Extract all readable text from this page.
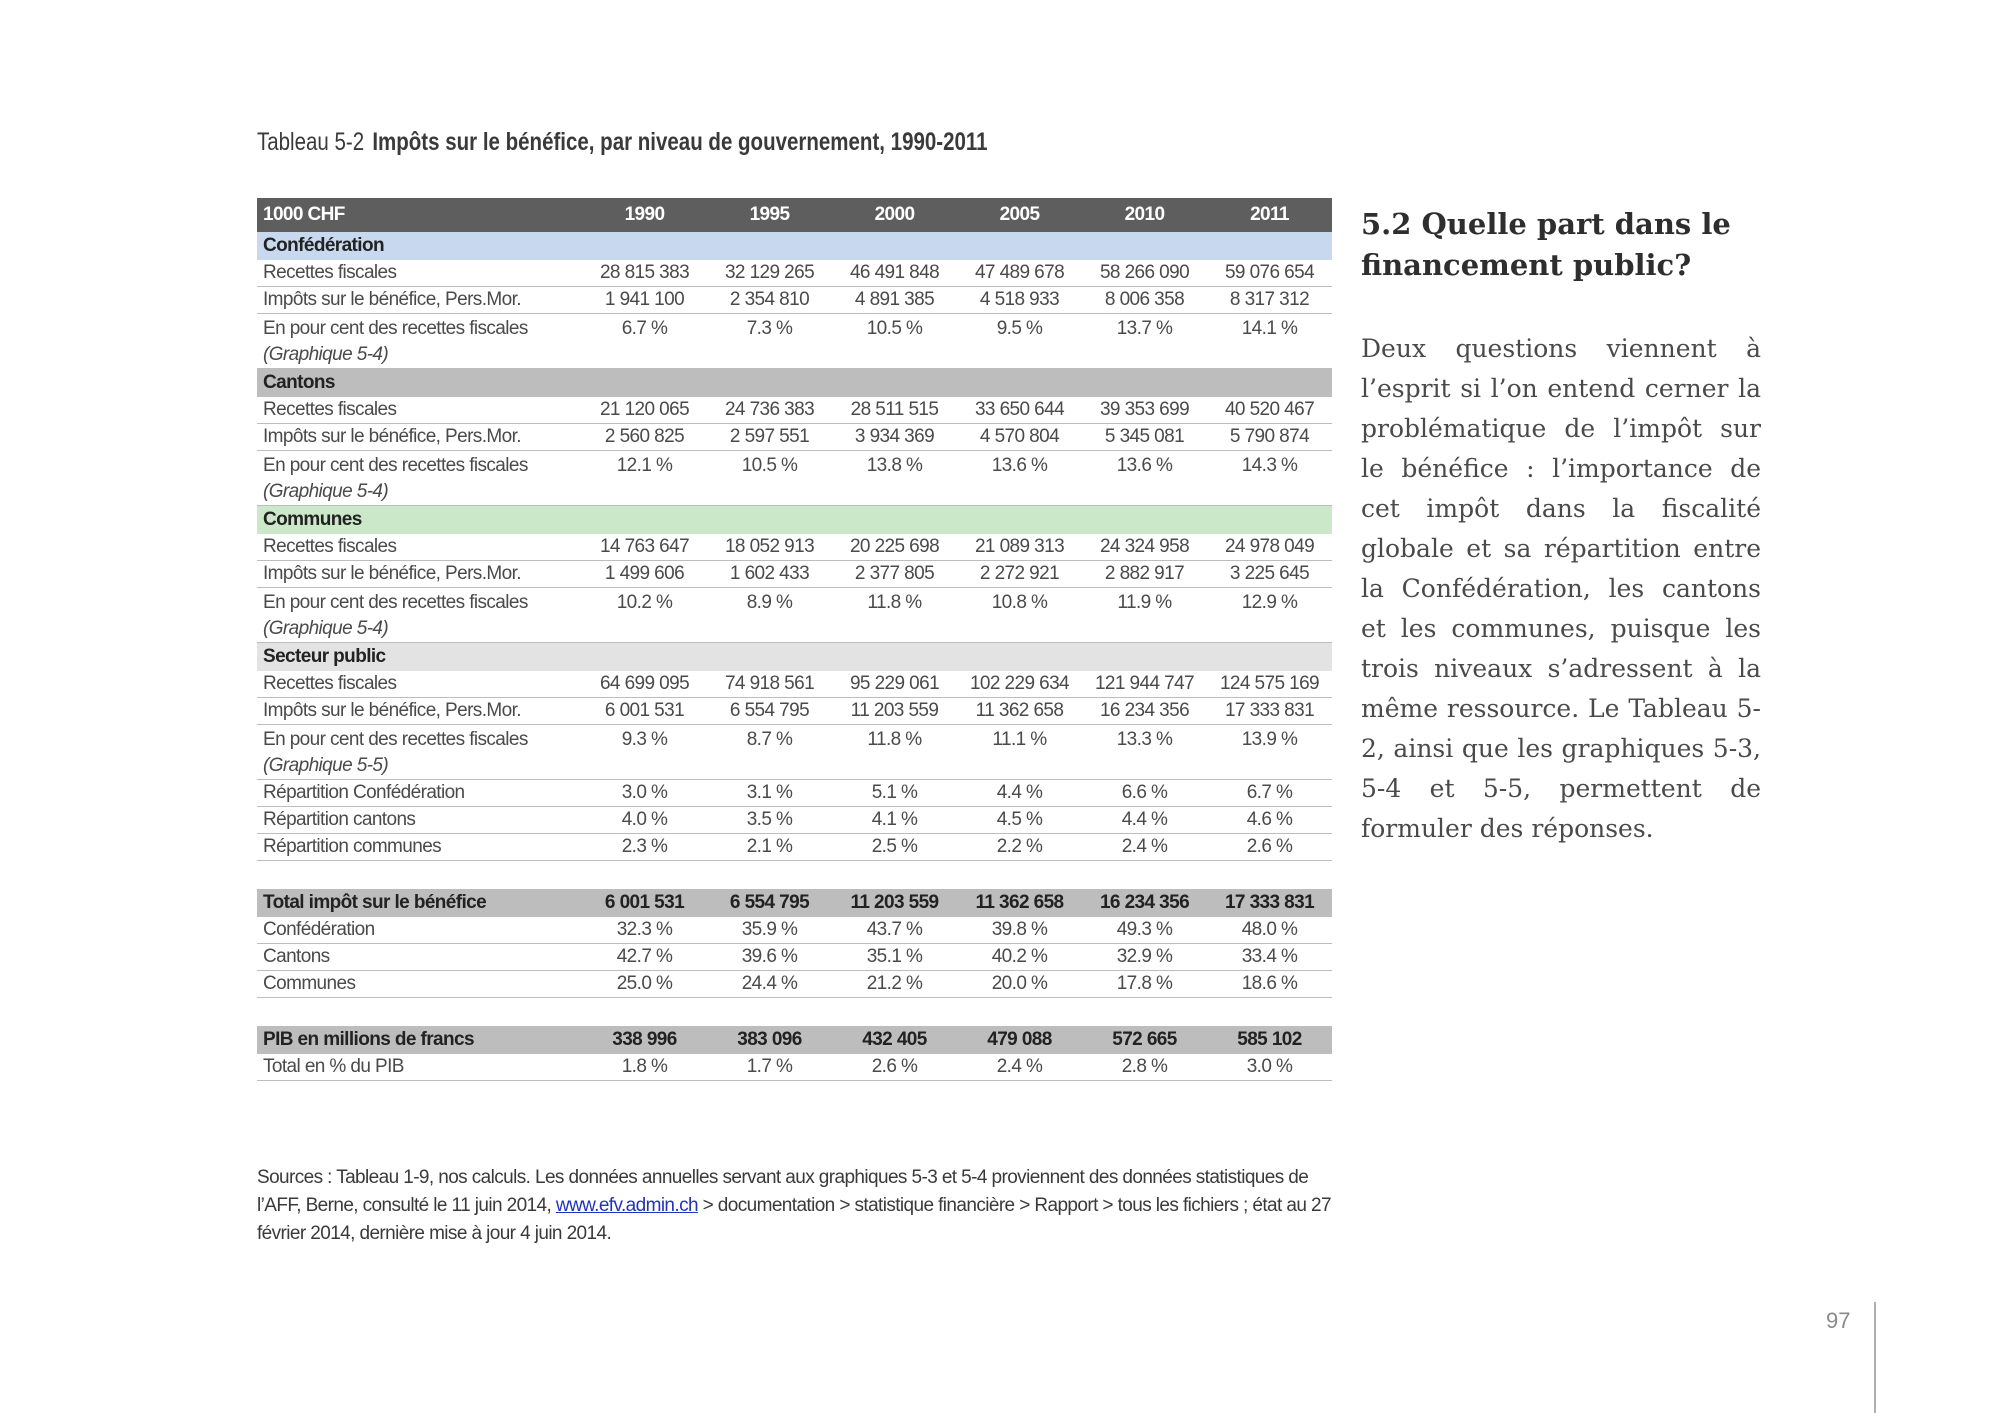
Tableau 5-2 Impôts sur le bénéfice, par niveau de gouvernement, 1990-2011
1000 CHF	1990	1995	2000	2005	2010	2011
Confédération						
Recettes fiscales	28 815 383	32 129 265	46 491 848	47 489 678	58 266 090	59 076 654
Impôts sur le bénéfice, Pers.Mor.	1 941 100	2 354 810	4 891 385	4 518 933	8 006 358	8 317 312
En pour cent des recettes fiscales
(Graphique 5-4)	6.7 %	7.3 %	10.5 %	9.5 %	13.7 %	14.1 %
Cantons						
Recettes fiscales	21 120 065	24 736 383	28 511 515	33 650 644	39 353 699	40 520 467
Impôts sur le bénéfice, Pers.Mor.	2 560 825	2 597 551	3 934 369	4 570 804	5 345 081	5 790 874
En pour cent des recettes fiscales
(Graphique 5-4)	12.1 %	10.5 %	13.8 %	13.6 %	13.6 %	14.3 %
Communes						
Recettes fiscales	14 763 647	18 052 913	20 225 698	21 089 313	24 324 958	24 978 049
Impôts sur le bénéfice, Pers.Mor.	1 499 606	1 602 433	2 377 805	2 272 921	2 882 917	3 225 645
En pour cent des recettes fiscales
(Graphique 5-4)	10.2 %	8.9 %	11.8 %	10.8 %	11.9 %	12.9 %
Secteur public						
Recettes fiscales	64 699 095	74 918 561	95 229 061	102 229 634	121 944 747	124 575 169
Impôts sur le bénéfice, Pers.Mor.	6 001 531	6 554 795	11 203 559	11 362 658	16 234 356	17 333 831
En pour cent des recettes fiscales
(Graphique 5-5)	9.3 %	8.7 %	11.8 %	11.1 %	13.3 %	13.9 %
Répartition Confédération	3.0 %	3.1 %	5.1 %	4.4 %	6.6 %	6.7 %
Répartition cantons	4.0 %	3.5 %	4.1 %	4.5 %	4.4 %	4.6 %
Répartition communes	2.3 %	2.1 %	2.5 %	2.2 %	2.4 %	2.6 %

Total impôt sur le bénéfice	6 001 531	6 554 795	11 203 559	11 362 658	16 234 356	17 333 831
Confédération	32.3 %	35.9 %	43.7 %	39.8 %	49.3 %	48.0 %
Cantons	42.7 %	39.6 %	35.1 %	40.2 %	32.9 %	33.4 %
Communes	25.0 %	24.4 %	21.2 %	20.0 %	17.8 %	18.6 %

PIB en millions de francs	338 996	383 096	432 405	479 088	572 665	585 102
Total en % du PIB	1.8 %	1.7 %	2.6 %	2.4 %	2.8 %	3.0 %
Sources : Tableau 1-9, nos calculs. Les données annuelles servant aux graphiques 5-3 et 5-4 proviennent des données statistiques de l’AFF, Berne, consulté le 11 juin 2014, www.efv.admin.ch > documentation > statistique financière > Rapport > tous les fichiers ; état au 27 février 2014, dernière mise à jour 4 juin 2014.
5.2 Quelle part dans le financement public?
Deux questions viennent à l’esprit si l’on entend cerner la problématique de l’impôt sur le bénéfice : l’importance de cet impôt dans la fiscalité globale et sa répartition entre la Confédération, les cantons et les communes, puisque les trois niveaux s’adressent à la même ressource. Le Tableau 5-2, ainsi que les graphiques 5-3, 5-4 et 5-5, permettent de formuler des réponses.
97
